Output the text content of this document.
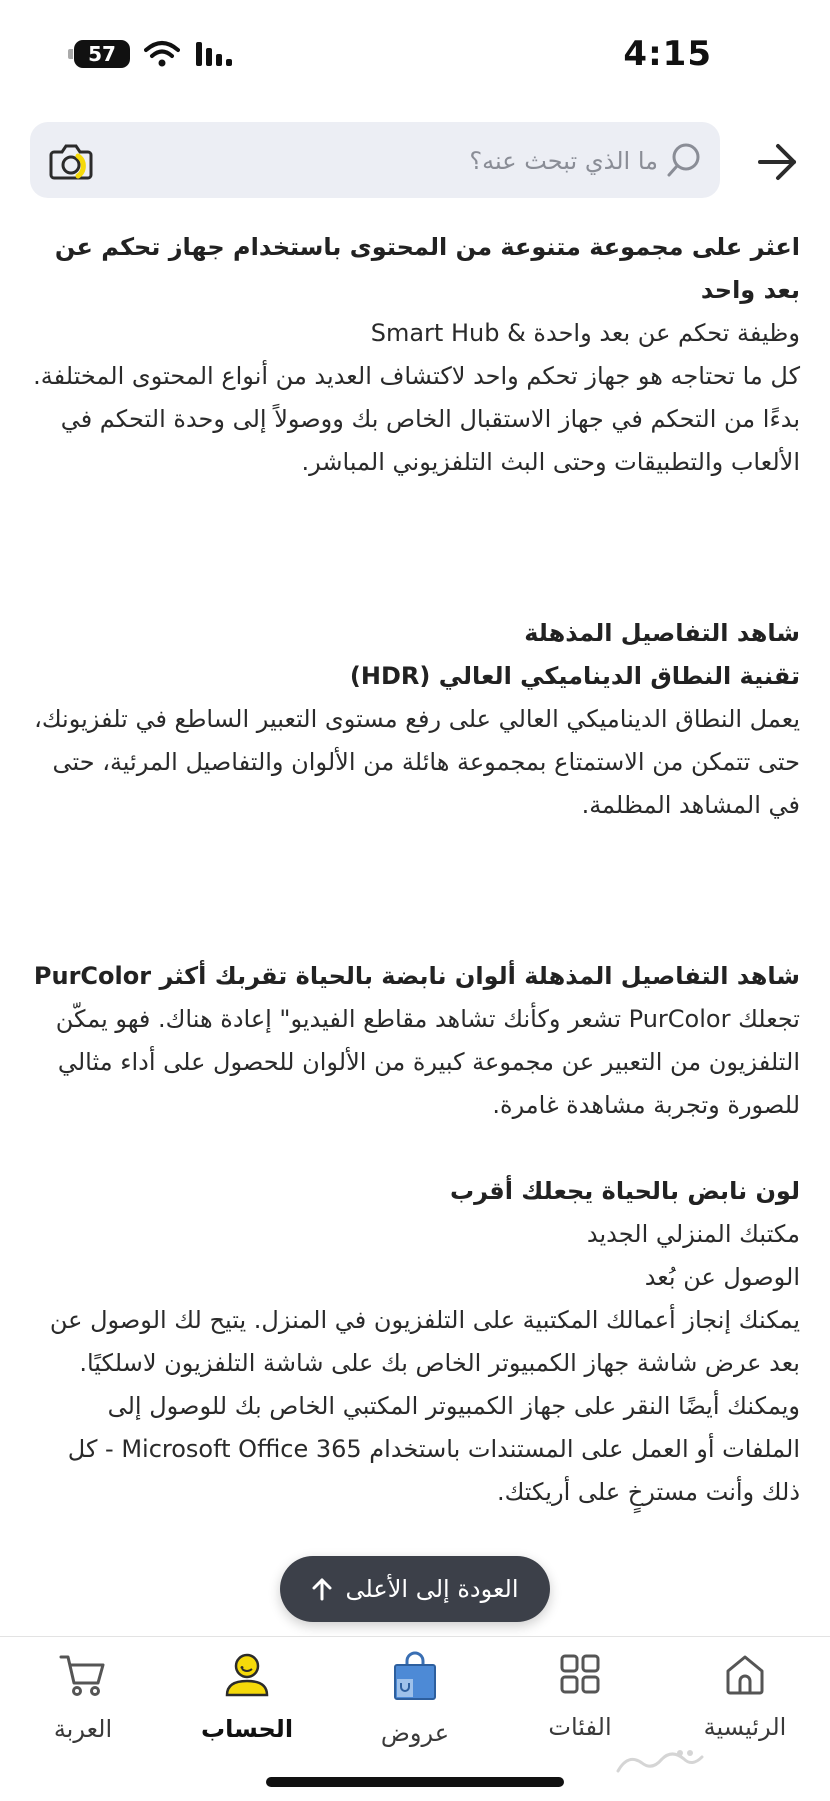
57	4:15
ما الذي تبحث عنه؟

اعثر على مجموعة متنوعة من المحتوى باستخدام جهاز تحكم عن بعد واحد

وظيفة تحكم عن بعد واحدة & Smart Hub

كل ما تحتاجه هو جهاز تحكم واحد لاكتشاف العديد من أنواع المحتوى المختلفة. بدءًا من التحكم في جهاز الاستقبال الخاص بك ووصولاً إلى وحدة التحكم في الألعاب والتطبيقات وحتى البث التلفزيوني المباشر.

شاهد التفاصيل المذهلة

تقنية النطاق الديناميكي العالي (HDR)

يعمل النطاق الديناميكي العالي على رفع مستوى التعبير الساطع في تلفزيونك، حتى تتمكن من الاستمتاع بمجموعة هائلة من الألوان والتفاصيل المرئية، حتى في المشاهد المظلمة.

شاهد التفاصيل المذهلة ألوان نابضة بالحياة تقربك أكثر PurColor

تجعلك PurColor تشعر وكأنك تشاهد مقاطع الفيديو" إعادة هناك. فهو يمكّن التلفزيون من التعبير عن مجموعة كبيرة من الألوان للحصول على أداء مثالي للصورة وتجربة مشاهدة غامرة.

لون نابض بالحياة يجعلك أقرب

مكتبك المنزلي الجديد

الوصول عن بُعد

يمكنك إنجاز أعمالك المكتبية على التلفزيون في المنزل. يتيح لك الوصول عن بعد عرض شاشة جهاز الكمبيوتر الخاص بك على شاشة التلفزيون لاسلكيًا. ويمكنك أيضًا النقر على جهاز الكمبيوتر المكتبي الخاص بك للوصول إلى الملفات أو العمل على المستندات باستخدام Microsoft Office 365 - كل ذلك وأنت مسترخٍ على أريكتك.

العودة إلى الأعلى
الرئيسية
الفئات
عروض
الحساب
العربة
